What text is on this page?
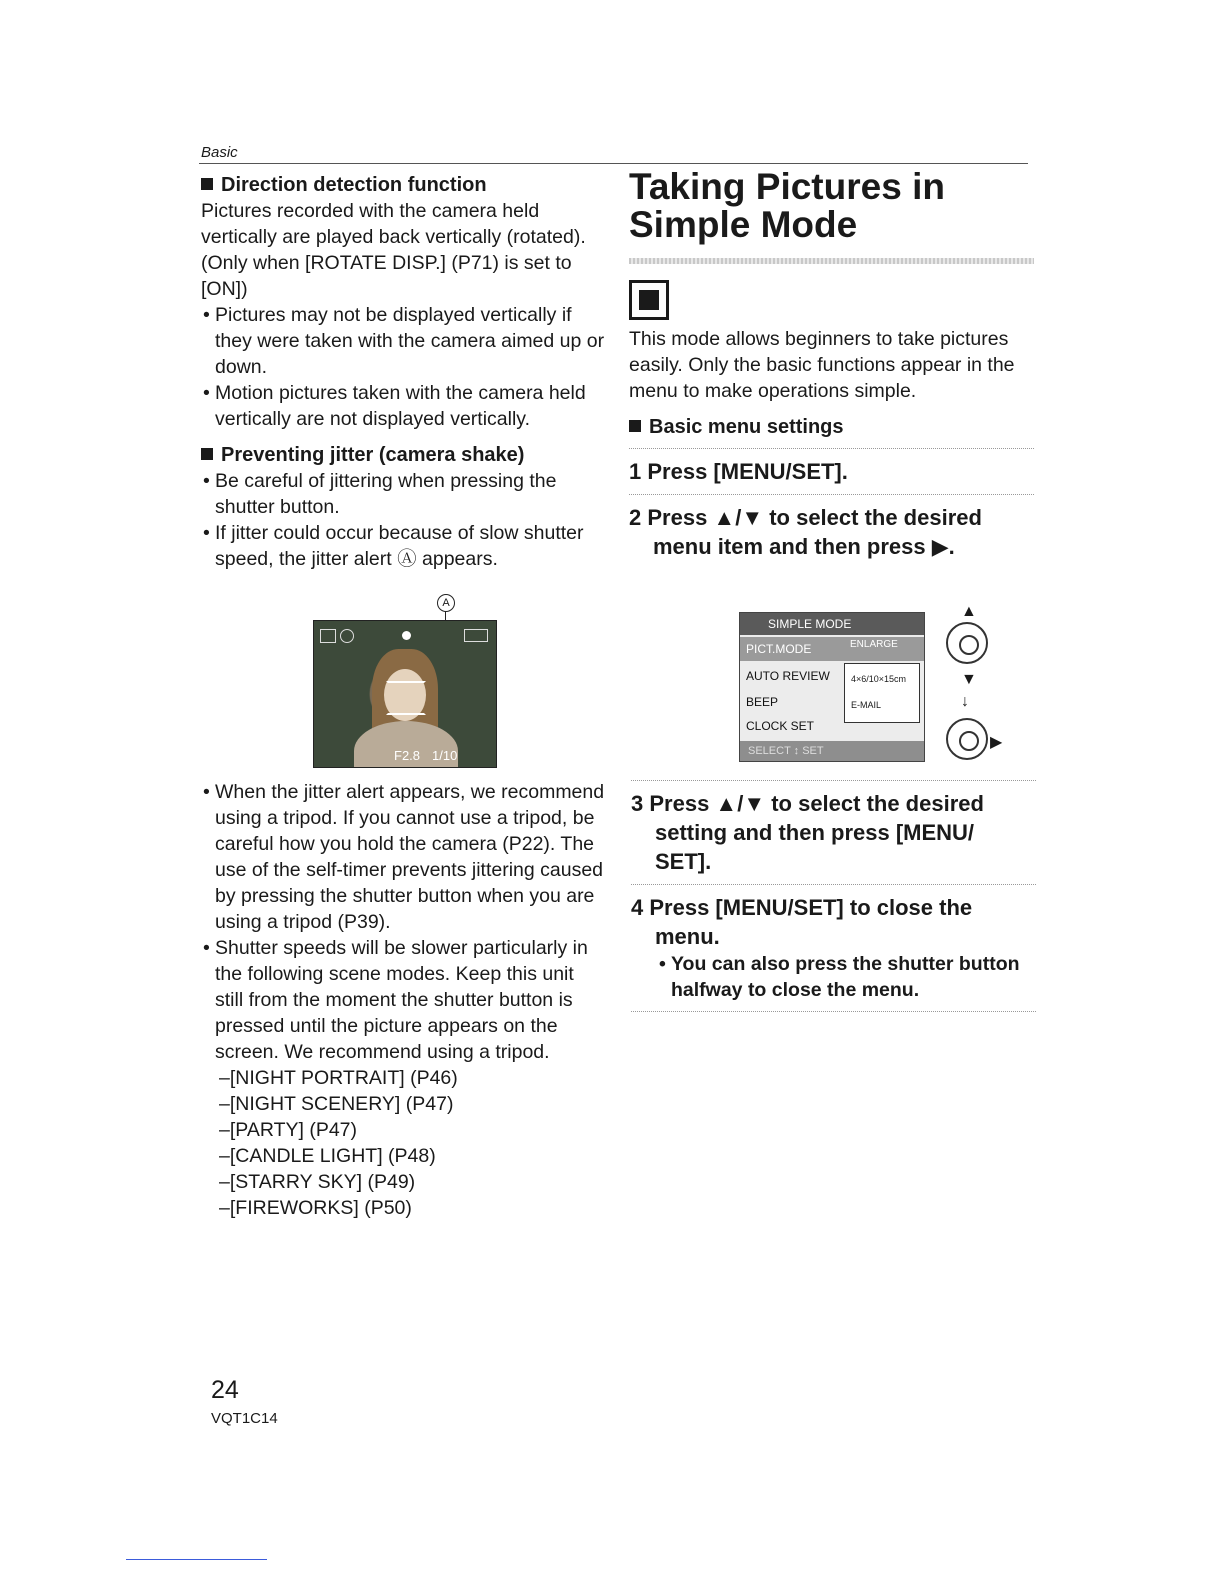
Basic

Direction detection function

Pictures recorded with the camera held vertically are played back vertically (rotated). (Only when [ROTATE DISP.] (P71) is set to [ON])

• Pictures may not be displayed vertically if they were taken with the camera aimed up or down.

• Motion pictures taken with the camera held vertically are not displayed vertically.

Preventing jitter (camera shake)

• Be careful of jittering when pressing the shutter button.

• If jitter could occur because of slow shutter speed, the jitter alert Ⓐ appears.

A
F2.8 1/10

• When the jitter alert appears, we recommend using a tripod. If you cannot use a tripod, be careful how you hold the camera (P22). The use of the self-timer prevents jittering caused by pressing the shutter button when you are using a tripod (P39).

• Shutter speeds will be slower particularly in the following scene modes. Keep this unit still from the moment the shutter button is pressed until the picture appears on the screen. We recommend using a tripod.

–[NIGHT PORTRAIT] (P46)

–[NIGHT SCENERY] (P47)

–[PARTY] (P47)

–[CANDLE LIGHT] (P48)

–[STARRY SKY] (P49)

–[FIREWORKS] (P50)

Taking Pictures in

Simple Mode

This mode allows beginners to take pictures easily. Only the basic functions appear in the menu to make operations simple.

Basic menu settings

1 Press [MENU/SET].

2 Press ▲/▼ to select the desired menu item and then press ▶.

SIMPLE MODE
PICT.MODE	ENLARGE
AUTO REVIEW
BEEP
CLOCK SET
4×6/10×15cm
E-MAIL
SELECT ↕ SET
▲
▼
↓
▶

3 Press ▲/▼ to select the desired setting and then press [MENU/ SET].

4 Press [MENU/SET] to close the menu.

• You can also press the shutter button halfway to close the menu.

24
VQT1C14
